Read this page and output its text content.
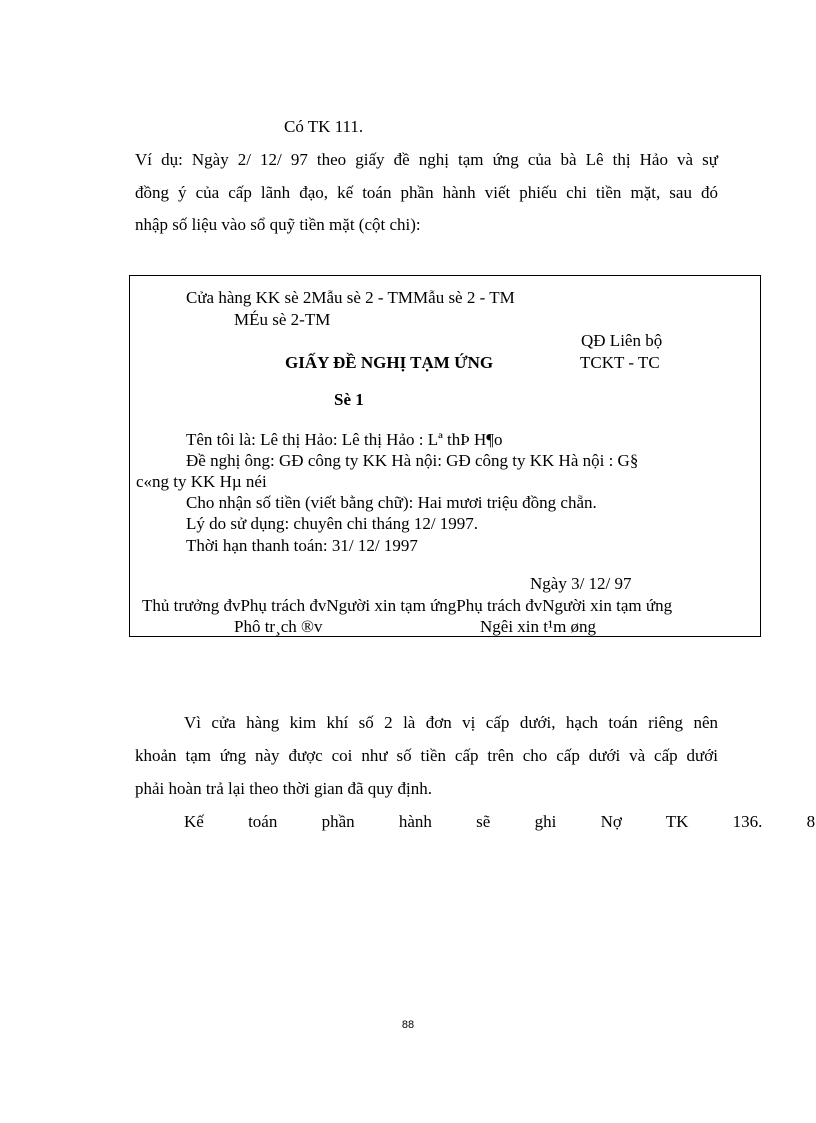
Có TK 111.
Ví dụ: Ngày 2/ 12/ 97 theo giấy đề nghị tạm ứng của bà Lê thị Hảo và sự
đồng ý của cấp lãnh đạo, kế toán phần hành viết phiếu chi tiền mặt, sau đó
nhập số liệu vào sổ quỹ tiền mặt (cột chi):
Cửa hàng KK sè 2Mẫu sè 2 - TMMẫu sè 2 - TM
MÉu sè 2-TM
QĐ Liên bộ
GIẤY ĐỀ NGHỊ TẠM ỨNG	TCKT - TC
Sè 1
Tên tôi là: Lê thị Hảo: Lê thị Hảo : Lª thÞ H¶o
Đề nghị ông: GĐ công ty KK Hà nội: GĐ công ty KK Hà nội : G§
c«ng ty KK Hµ néi
Cho nhận số tiền (viết bằng chữ): Hai mươi triệu đồng chẵn.
Lý do sử dụng: chuyên chi tháng 12/ 1997.
Thời hạn thanh toán: 31/ 12/ 1997
Ngày 3/ 12/ 97
Thủ trưởng đvPhụ trách đvNgười xin tạm ứngPhụ trách đvNgười xin tạm ứng
Phô tr¸ch ®v	Ngêi xin t¹m øng
Vì cửa hàng kim khí số 2 là đơn vị cấp dưới, hạch toán riêng nên
khoản tạm ứng này được coi như số tiền cấp trên cho cấp dưới và cấp dưới
phải hoàn trả lại theo thời gian đã quy định.
Kế toán phần hành sẽ ghi Nợ TK 136. 8
88
